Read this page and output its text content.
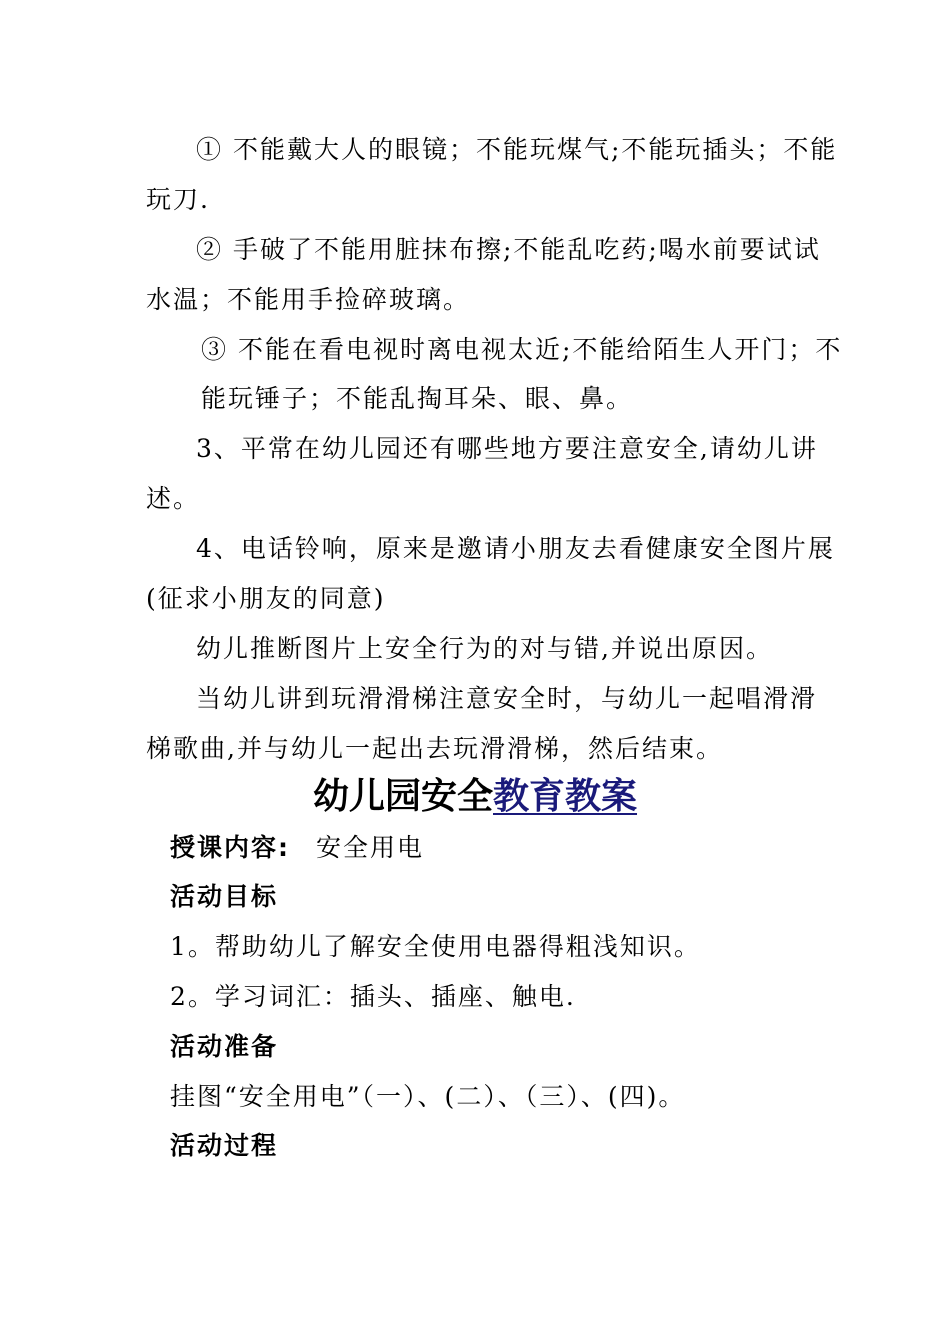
① 不能戴大人的眼镜；不能玩煤气;不能玩插头；不能
玩刀.
② 手破了不能用脏抹布擦;不能乱吃药;喝水前要试试
水温；不能用手捡碎玻璃。
③ 不能在看电视时离电视太近;不能给陌生人开门；不
能玩锤子；不能乱掏耳朵、眼、鼻。
3、平常在幼儿园还有哪些地方要注意安全,请幼儿讲
述。
4、电话铃响，原来是邀请小朋友去看健康安全图片展
(征求小朋友的同意)
幼儿推断图片上安全行为的对与错,并说出原因。
当幼儿讲到玩滑滑梯注意安全时，与幼儿一起唱滑滑
梯歌曲,并与幼儿一起出去玩滑滑梯，然后结束。
幼儿园安全教育教案
授课内容: 安全用电
活动目标
1。帮助幼儿了解安全使用电器得粗浅知识。
2。学习词汇：插头、插座、触电.
活动准备
挂图“安全用电”（一）、(二）、（三）、(四)。
活动过程
